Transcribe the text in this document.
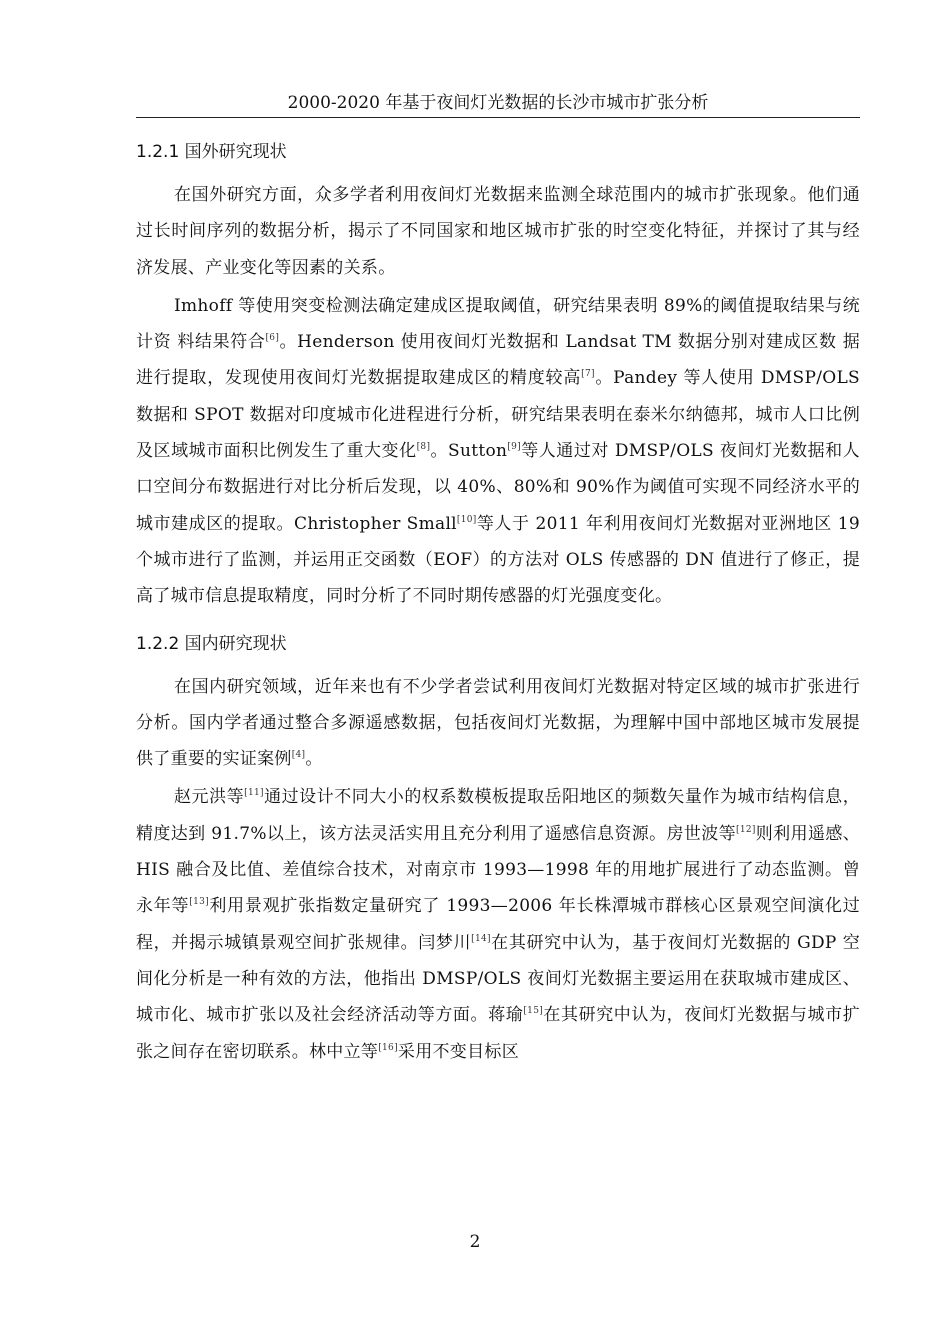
2000-2020 年基于夜间灯光数据的长沙市城市扩张分析
1.2.1 国外研究现状

在国外研究方面，众多学者利用夜间灯光数据来监测全球范围内的城市扩张现象。他们通过长时间序列的数据分析，揭示了不同国家和地区城市扩张的时空变化特征，并探讨了其与经济发展、产业变化等因素的关系。

Imhoff 等使用突变检测法确定建成区提取阈值，研究结果表明 89%的阈值提取结果与统计资 料结果符合[6]。Henderson 使用夜间灯光数据和 Landsat TM 数据分别对建成区数 据进行提取，发现使用夜间灯光数据提取建成区的精度较高[7]。Pandey 等人使用 DMSP/OLS 数据和 SPOT 数据对印度城市化进程进行分析，研究结果表明在泰米尔纳德邦，城市人口比例及区域城市面积比例发生了重大变化[8]。Sutton[9]等人通过对 DMSP/OLS 夜间灯光数据和人口空间分布数据进行对比分析后发现，以 40%、80%和 90%作为阈值可实现不同经济水平的城市建成区的提取。Christopher Small[10]等人于 2011 年利用夜间灯光数据对亚洲地区 19 个城市进行了监测，并运用正交函数（EOF）的方法对 OLS 传感器的 DN 值进行了修正，提高了城市信息提取精度，同时分析了不同时期传感器的灯光强度变化。

1.2.2 国内研究现状

在国内研究领域，近年来也有不少学者尝试利用夜间灯光数据对特定区域的城市扩张进行分析。国内学者通过整合多源遥感数据，包括夜间灯光数据，为理解中国中部地区城市发展提供了重要的实证案例[4]。

赵元洪等[11]通过设计不同大小的权系数模板提取岳阳地区的频数矢量作为城市结构信息，精度达到 91.7%以上，该方法灵活实用且充分利用了遥感信息资源。房世波等[12]则利用遥感、HIS 融合及比值、差值综合技术，对南京市 1993—1998 年的用地扩展进行了动态监测。曾永年等[13]利用景观扩张指数定量研究了 1993—2006 年长株潭城市群核心区景观空间演化过程，并揭示城镇景观空间扩张规律。闫梦川[14]在其研究中认为，基于夜间灯光数据的 GDP 空间化分析是一种有效的方法，他指出 DMSP/OLS 夜间灯光数据主要运用在获取城市建成区、城市化、城市扩张以及社会经济活动等方面。蒋瑜[15]在其研究中认为，夜间灯光数据与城市扩张之间存在密切联系。林中立等[16]采用不变目标区

2
